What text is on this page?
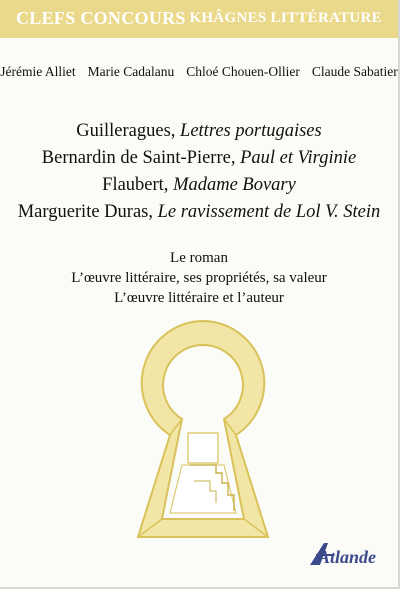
CLEFS CONCOURS KHÂGNES LITTÉRATURE
Jérémie Alliet Marie Cadalanu Chloé Chouen-Ollier Claude Sabatier
Guilleragues, Lettres portugaises
Bernardin de Saint-Pierre, Paul et Virginie
Flaubert, Madame Bovary
Marguerite Duras, Le ravissement de Lol V. Stein
Le roman
L’œuvre littéraire, ses propriétés, sa valeur
L’œuvre littéraire et l’auteur
Atlande
